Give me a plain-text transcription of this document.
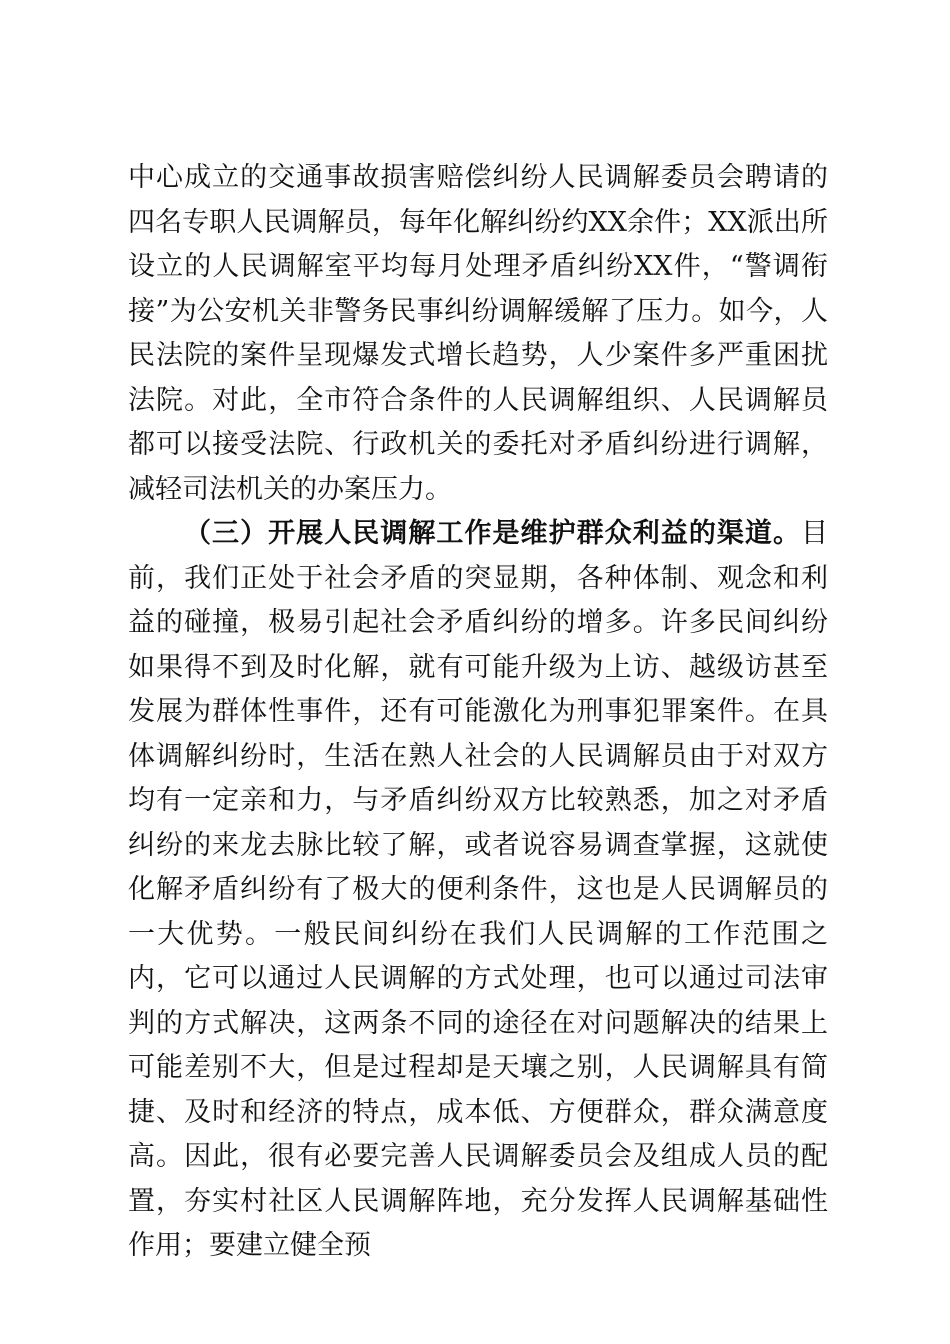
中心成立的交通事故损害赔偿纠纷人民调解委员会聘请的四名专职人民调解员，每年化解纠纷约XX余件；XX派出所设立的人民调解室平均每月处理矛盾纠纷XX件，“警调衔接”为公安机关非警务民事纠纷调解缓解了压力。如今，人民法院的案件呈现爆发式增长趋势，人少案件多严重困扰法院。对此，全市符合条件的人民调解组织、人民调解员都可以接受法院、行政机关的委托对矛盾纠纷进行调解，减轻司法机关的办案压力。

（三）开展人民调解工作是维护群众利益的渠道。目前，我们正处于社会矛盾的突显期，各种体制、观念和利益的碰撞，极易引起社会矛盾纠纷的增多。许多民间纠纷如果得不到及时化解，就有可能升级为上访、越级访甚至发展为群体性事件，还有可能激化为刑事犯罪案件。在具体调解纠纷时，生活在熟人社会的人民调解员由于对双方均有一定亲和力，与矛盾纠纷双方比较熟悉，加之对矛盾纠纷的来龙去脉比较了解，或者说容易调查掌握，这就使化解矛盾纠纷有了极大的便利条件，这也是人民调解员的一大优势。一般民间纠纷在我们人民调解的工作范围之内，它可以通过人民调解的方式处理，也可以通过司法审判的方式解决，这两条不同的途径在对问题解决的结果上可能差别不大，但是过程却是天壤之别，人民调解具有简捷、及时和经济的特点，成本低、方便群众，群众满意度高。因此，很有必要完善人民调解委员会及组成人员的配置，夯实村社区人民调解阵地，充分发挥人民调解基础性作用；要建立健全预
